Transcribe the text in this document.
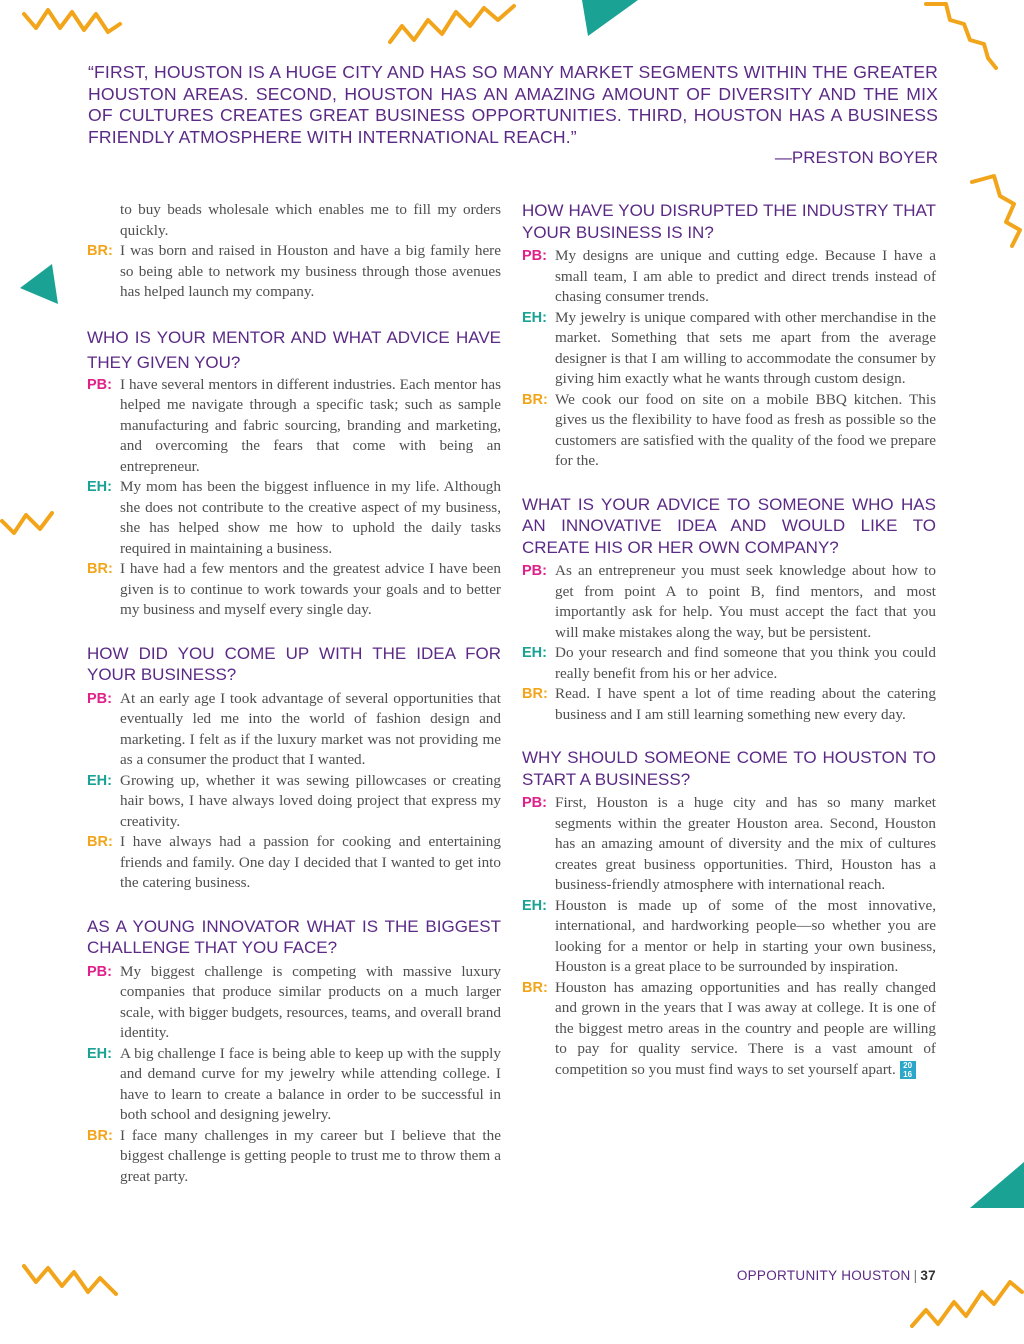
“FIRST, HOUSTON IS A HUGE CITY AND HAS SO MANY MARKET SEGMENTS WITHIN THE GREATER HOUSTON AREAS. SECOND, HOUSTON HAS AN AMAZING AMOUNT OF DIVERSITY AND THE MIX OF CULTURES CREATES GREAT BUSINESS OPPORTUNITIES. THIRD, HOUSTON HAS A BUSINESS FRIENDLY ATMOSPHERE WITH INTERNATIONAL REACH.”
—PRESTON BOYER
to buy beads wholesale which enables me to fill my orders quickly.
BR: I was born and raised in Houston and have a big family here so being able to network my business through those avenues has helped launch my company.
WHO IS YOUR MENTOR AND WHAT ADVICE HAVE THEY GIVEN YOU?
PB: I have several mentors in different industries. Each mentor has helped me navigate through a specific task; such as sample manufacturing and fabric sourcing, branding and marketing, and overcoming the fears that come with being an entrepreneur.
EH: My mom has been the biggest influence in my life. Although she does not contribute to the creative aspect of my business, she has helped show me how to uphold the daily tasks required in maintaining a business.
BR: I have had a few mentors and the greatest advice I have been given is to continue to work towards your goals and to better my business and myself every single day.
HOW DID YOU COME UP WITH THE IDEA FOR YOUR BUSINESS?
PB: At an early age I took advantage of several opportunities that eventually led me into the world of fashion design and marketing. I felt as if the luxury market was not providing me as a consumer the product that I wanted.
EH: Growing up, whether it was sewing pillowcases or creating hair bows, I have always loved doing project that express my creativity.
BR: I have always had a passion for cooking and entertaining friends and family. One day I decided that I wanted to get into the catering business.
AS A YOUNG INNOVATOR WHAT IS THE BIGGEST CHALLENGE THAT YOU FACE?
PB: My biggest challenge is competing with massive luxury companies that produce similar products on a much larger scale, with bigger budgets, resources, teams, and overall brand identity.
EH: A big challenge I face is being able to keep up with the supply and demand curve for my jewelry while attending college. I have to learn to create a balance in order to be successful in both school and designing jewelry.
BR: I face many challenges in my career but I believe that the biggest challenge is getting people to trust me to throw them a great party.
HOW HAVE YOU DISRUPTED THE INDUSTRY THAT YOUR BUSINESS IS IN?
PB: My designs are unique and cutting edge. Because I have a small team, I am able to predict and direct trends instead of chasing consumer trends.
EH: My jewelry is unique compared with other merchandise in the market. Something that sets me apart from the average designer is that I am willing to accommodate the consumer by giving him exactly what he wants through custom design.
BR: We cook our food on site on a mobile BBQ kitchen. This gives us the flexibility to have food as fresh as possible so the customers are satisfied with the quality of the food we prepare for the.
WHAT IS YOUR ADVICE TO SOMEONE WHO HAS AN INNOVATIVE IDEA AND WOULD LIKE TO CREATE HIS OR HER OWN COMPANY?
PB: As an entrepreneur you must seek knowledge about how to get from point A to point B, find mentors, and most importantly ask for help. You must accept the fact that you will make mistakes along the way, but be persistent.
EH: Do your research and find someone that you think you could really benefit from his or her advice.
BR: Read. I have spent a lot of time reading about the catering business and I am still learning something new every day.
WHY SHOULD SOMEONE COME TO HOUSTON TO START A BUSINESS?
PB: First, Houston is a huge city and has so many market segments within the greater Houston area. Second, Houston has an amazing amount of diversity and the mix of cultures creates great business opportunities. Third, Houston has a business-friendly atmosphere with international reach.
EH: Houston is made up of some of the most innovative, international, and hardworking people—so whether you are looking for a mentor or help in starting your own business, Houston is a great place to be surrounded by inspiration.
BR: Houston has amazing opportunities and has really changed and grown in the years that I was away at college. It is one of the biggest metro areas in the country and people are willing to pay for quality service. There is a vast amount of competition so you must find ways to set yourself apart. 20
16
OPPORTUNITY HOUSTON | 37
